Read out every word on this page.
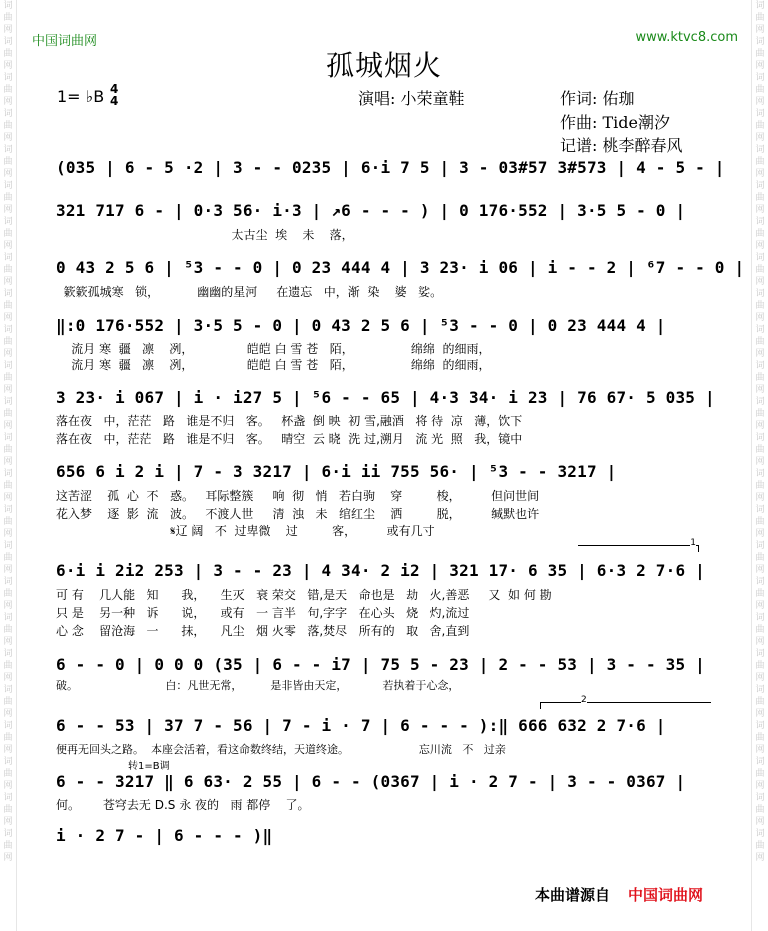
词曲网词曲网词曲网词曲网词曲网词曲网词曲网词曲网词曲网词曲网词曲网词曲网词曲网词曲网词曲网词曲网词曲网词曲网词曲网词曲网词曲网词曲网词曲网词曲网
词曲网词曲网词曲网词曲网词曲网词曲网词曲网词曲网词曲网词曲网词曲网词曲网词曲网词曲网词曲网词曲网词曲网词曲网词曲网词曲网词曲网词曲网词曲网词曲网
中国词曲网	www.ktvc8.com
孤城烟火
1= ♭B 4
4	演唱: 小荣童鞋	作词: 佑珈
作曲: Tide潮汐
记谱: 桃李醉春风
(035 | 6 - 5 ·2 | 3 - - 0235 | 6·i 7 5 | 3 - 03#57 3#573 | 4 - 5 - |
321 717 6 - | 0·3 56· i·3 | ↗6 - - - ) | 0 176·552 | 3·5 5 - 0 |
太古尘  埃    未    落，
0 43 2 5 6 | ⁵3 - - 0 | 0 23 444 4 | 3 23· i 06 | i - - 2 | ⁶7 - - 0 |
簌簌孤城寒   锁，          幽幽的星河     在遗忘   中，渐  染    婆   娑。
‖:0 176·552 | 3·5 5 - 0 | 0 43 2 5 6 | ⁵3 - - 0 | 0 23 444 4 |
流月 寒  疆   凛    冽，              皑皑 白 雪 苍   陌，               绵绵  的细雨，
流月 寒  疆   凛    冽，              皑皑 白 雪 苍   陌，               绵绵  的细雨，
3 23· i 067 | i · i27 5 | ⁵6 - - 65 | 4·3 34· i 23 | 76 67· 5 035 |
落在夜   中，茫茫   路   谁是不归   客。   杯盏  倒 映  初 雪,融酒   将 待  凉   薄，饮下
落在夜   中，茫茫   路   谁是不归   客。   晴空  云 晓  洗 过,溯月   流 光  照   我，镜中
656 6 i 2 i | 7 - 3 3217 | 6·i ii 755 56· | ⁵3 - - 3217 |
这苦涩    孤  心  不   惑。   耳际整簇     响  彻   悄   若白驹    穿         梭，        但问世间
花入梦    逐  影  流   波。   不渡人世     清  浊   未   绾红尘    洒         脱，        缄默也许
𝄋辽 阔   不  过卑微    过         客，        或有几寸
1
6·i i 2i2 253 | 3 - - 23 | 4 34· 2 i2 | 321 17· 6 35 | 6·3 2 7·6 |
可 有    几人能   知      我，    生灭   衰 荣交   错,是天   命也是   劫   火,善恶     又  如 何 勘
只 是    另一种   诉      说，    或有   一 言半   句,字字   在心头   烧   灼,流过
心 念    留沧海   一      抹，    凡尘   烟 火零   落,焚尽   所有的   取   舍,直到
6 - - 0 | 0 0 0 (35 | 6 - - i7 | 75 5 - 23 | 2 - - 53 | 3 - - 35 |
破。                         白：凡世无常，        是非皆由天定，          若执着于心念，
2
6 - - 53 | 37 7 - 56 | 7 - i · 7 | 6 - - - ):‖ 666 632 2 7·6 |
便再无回头之路。  本座会活着，看这命数终结，天道终途。                    忘川流   不   过亲
转1=B调
6 - - 3217 ‖ 6 63· 2 55 | 6 - - (0367 | i · 2 7 - | 3 - - 0367 |
何。      苍穹去无 D.S 永 夜的   雨 都停    了。
i · 2 7 - | 6 - - - )‖
本曲谱源自 中国词曲网
